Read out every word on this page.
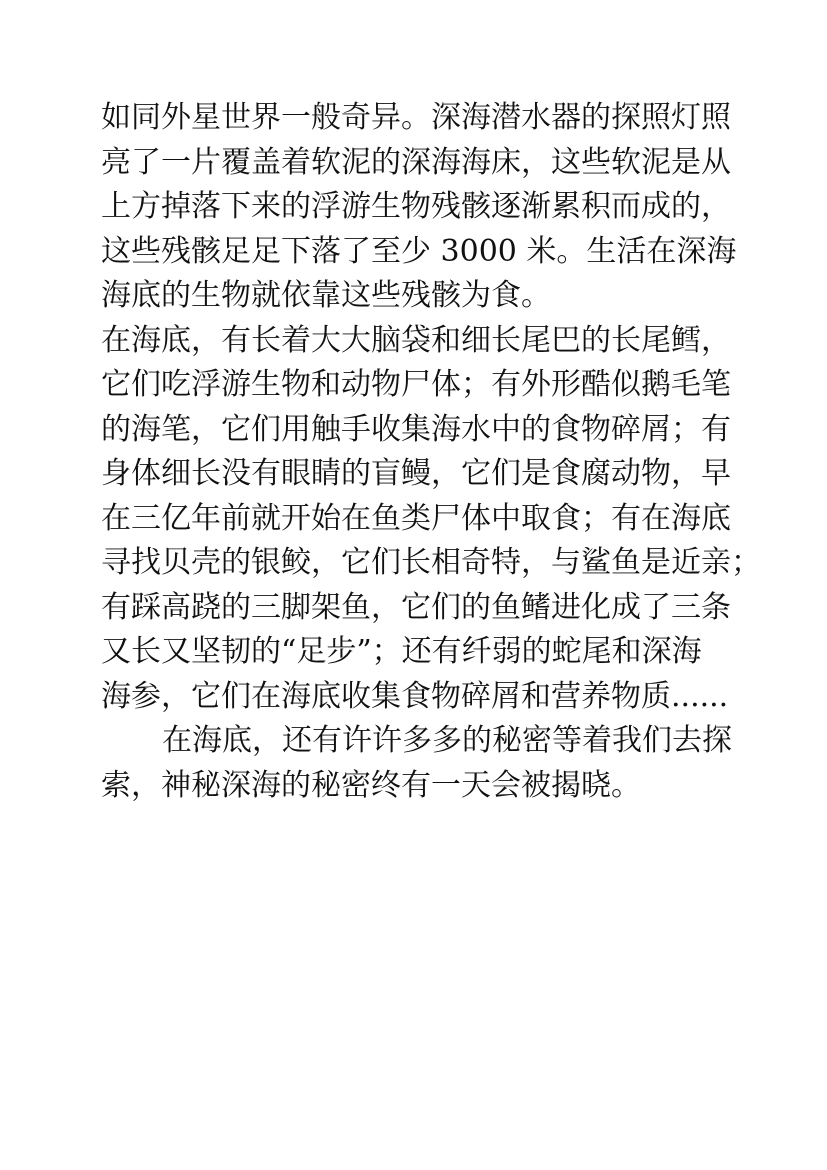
如同外星世界一般奇异。深海潜水器的探照灯照
亮了一片覆盖着软泥的深海海床，这些软泥是从
上方掉落下来的浮游生物残骸逐渐累积而成的，
这些残骸足足下落了至少 3000 米。生活在深海
海底的生物就依靠这些残骸为食。
在海底，有长着大大脑袋和细长尾巴的长尾鳕，
它们吃浮游生物和动物尸体；有外形酷似鹅毛笔
的海笔，它们用触手收集海水中的食物碎屑；有
身体细长没有眼睛的盲鳗，它们是食腐动物，早
在三亿年前就开始在鱼类尸体中取食；有在海底
寻找贝壳的银鲛，它们长相奇特，与鲨鱼是近亲；
有踩高跷的三脚架鱼，它们的鱼鳍进化成了三条
又长又坚韧的“足步”；还有纤弱的蛇尾和深海
海参，它们在海底收集食物碎屑和营养物质......
在海底，还有许许多多的秘密等着我们去探
索，神秘深海的秘密终有一天会被揭晓。
